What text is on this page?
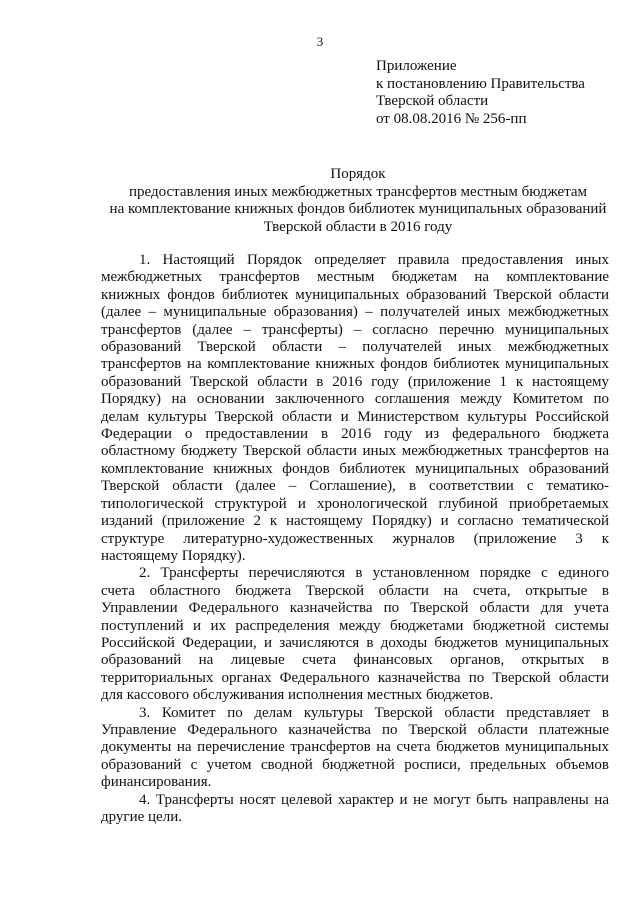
3
Приложение
к постановлению Правительства
Тверской области
от 08.08.2016 № 256-пп
Порядок
предоставления иных межбюджетных трансфертов местным бюджетам
на комплектование книжных фондов библиотек муниципальных образований
Тверской области в 2016 году
1. Настоящий Порядок определяет правила предоставления иных
межбюджетных трансфертов местным бюджетам на комплектование
книжных фондов библиотек муниципальных образований Тверской области
(далее – муниципальные образования) – получателей иных межбюджетных
трансфертов (далее – трансферты) – согласно перечню муниципальных
образований Тверской области – получателей иных межбюджетных
трансфертов на комплектование книжных фондов библиотек муниципальных
образований Тверской области в 2016 году (приложение 1 к настоящему
Порядку) на основании заключенного соглашения между Комитетом по
делам культуры Тверской области и Министерством культуры Российской
Федерации о предоставлении в 2016 году из федерального бюджета
областному бюджету Тверской области иных межбюджетных трансфертов на
комплектование книжных фондов библиотек муниципальных образований
Тверской области (далее – Соглашение), в соответствии с тематико-
типологической структурой и хронологической глубиной приобретаемых
изданий (приложение 2 к настоящему Порядку) и согласно тематической
структуре литературно-художественных журналов (приложение 3 к
настоящему Порядку).
2. Трансферты перечисляются в установленном порядке с единого
счета областного бюджета Тверской области на счета, открытые в
Управлении Федерального казначейства по Тверской области для учета
поступлений и их распределения между бюджетами бюджетной системы
Российской Федерации, и зачисляются в доходы бюджетов муниципальных
образований на лицевые счета финансовых органов, открытых в
территориальных органах Федерального казначейства по Тверской области
для кассового обслуживания исполнения местных бюджетов.
3. Комитет по делам культуры Тверской области представляет в
Управление Федерального казначейства по Тверской области платежные
документы на перечисление трансфертов на счета бюджетов муниципальных
образований с учетом сводной бюджетной росписи, предельных объемов
финансирования.
4. Трансферты носят целевой характер и не могут быть направлены на
другие цели.
